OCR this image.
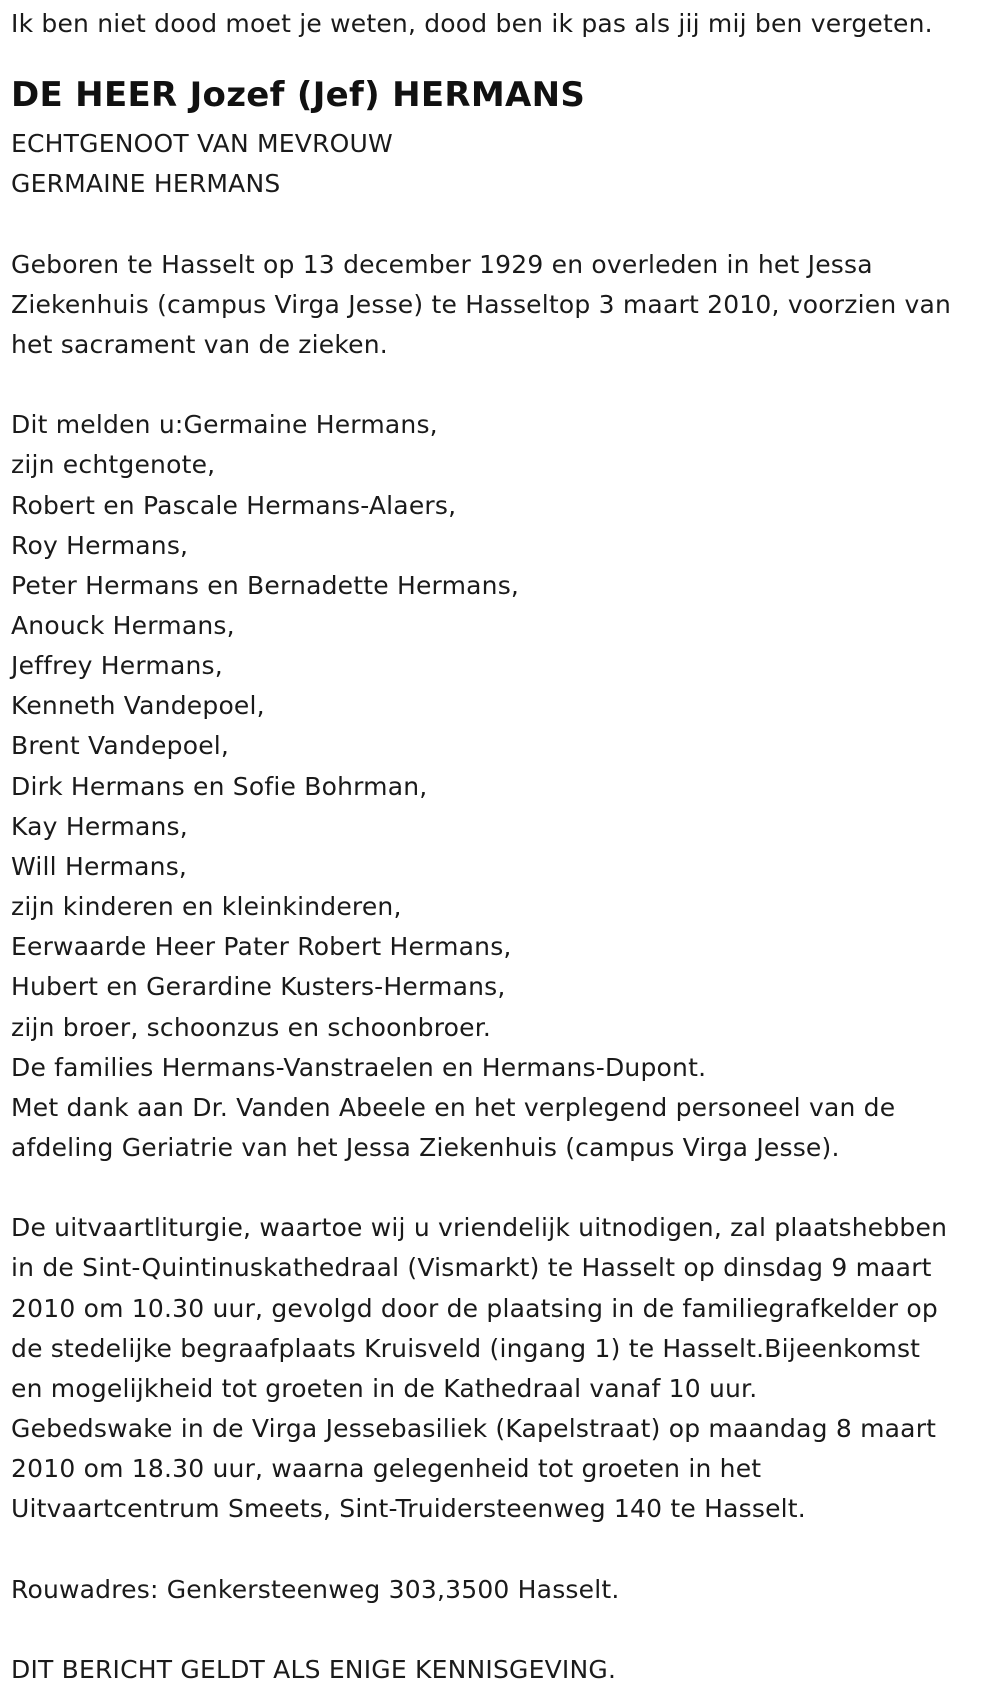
Ik ben niet dood moet je weten, dood ben ik pas als jij mij ben vergeten.
DE HEER Jozef (Jef) HERMANS
ECHTGENOOT VAN MEVROUW
GERMAINE HERMANS
Geboren te Hasselt op 13 december 1929 en overleden in het Jessa
Ziekenhuis (campus Virga Jesse) te Hasseltop 3 maart 2010, voorzien van
het sacrament van de zieken.
Dit melden u:Germaine Hermans,
zijn echtgenote,
Robert en Pascale Hermans-Alaers,
Roy Hermans,
Peter Hermans en Bernadette Hermans,
Anouck Hermans,
Jeffrey Hermans,
Kenneth Vandepoel,
Brent Vandepoel,
Dirk Hermans en Sofie Bohrman,
Kay Hermans,
Will Hermans,
zijn kinderen en kleinkinderen,
Eerwaarde Heer Pater Robert Hermans,
Hubert en Gerardine Kusters-Hermans,
zijn broer, schoonzus en schoonbroer.
De families Hermans-Vanstraelen en Hermans-Dupont.
Met dank aan Dr. Vanden Abeele en het verplegend personeel van de
afdeling Geriatrie van het Jessa Ziekenhuis (campus Virga Jesse).
De uitvaartliturgie, waartoe wij u vriendelijk uitnodigen, zal plaatshebben
in de Sint-Quintinuskathedraal (Vismarkt) te Hasselt op dinsdag 9 maart
2010 om 10.30 uur, gevolgd door de plaatsing in de familiegrafkelder op
de stedelijke begraafplaats Kruisveld (ingang 1) te Hasselt.Bijeenkomst
en mogelijkheid tot groeten in de Kathedraal vanaf 10 uur.
Gebedswake in de Virga Jessebasiliek (Kapelstraat) op maandag 8 maart
2010 om 18.30 uur, waarna gelegenheid tot groeten in het
Uitvaartcentrum Smeets, Sint-Truidersteenweg 140 te Hasselt.
Rouwadres: Genkersteenweg 303,3500 Hasselt.
DIT BERICHT GELDT ALS ENIGE KENNISGEVING.
